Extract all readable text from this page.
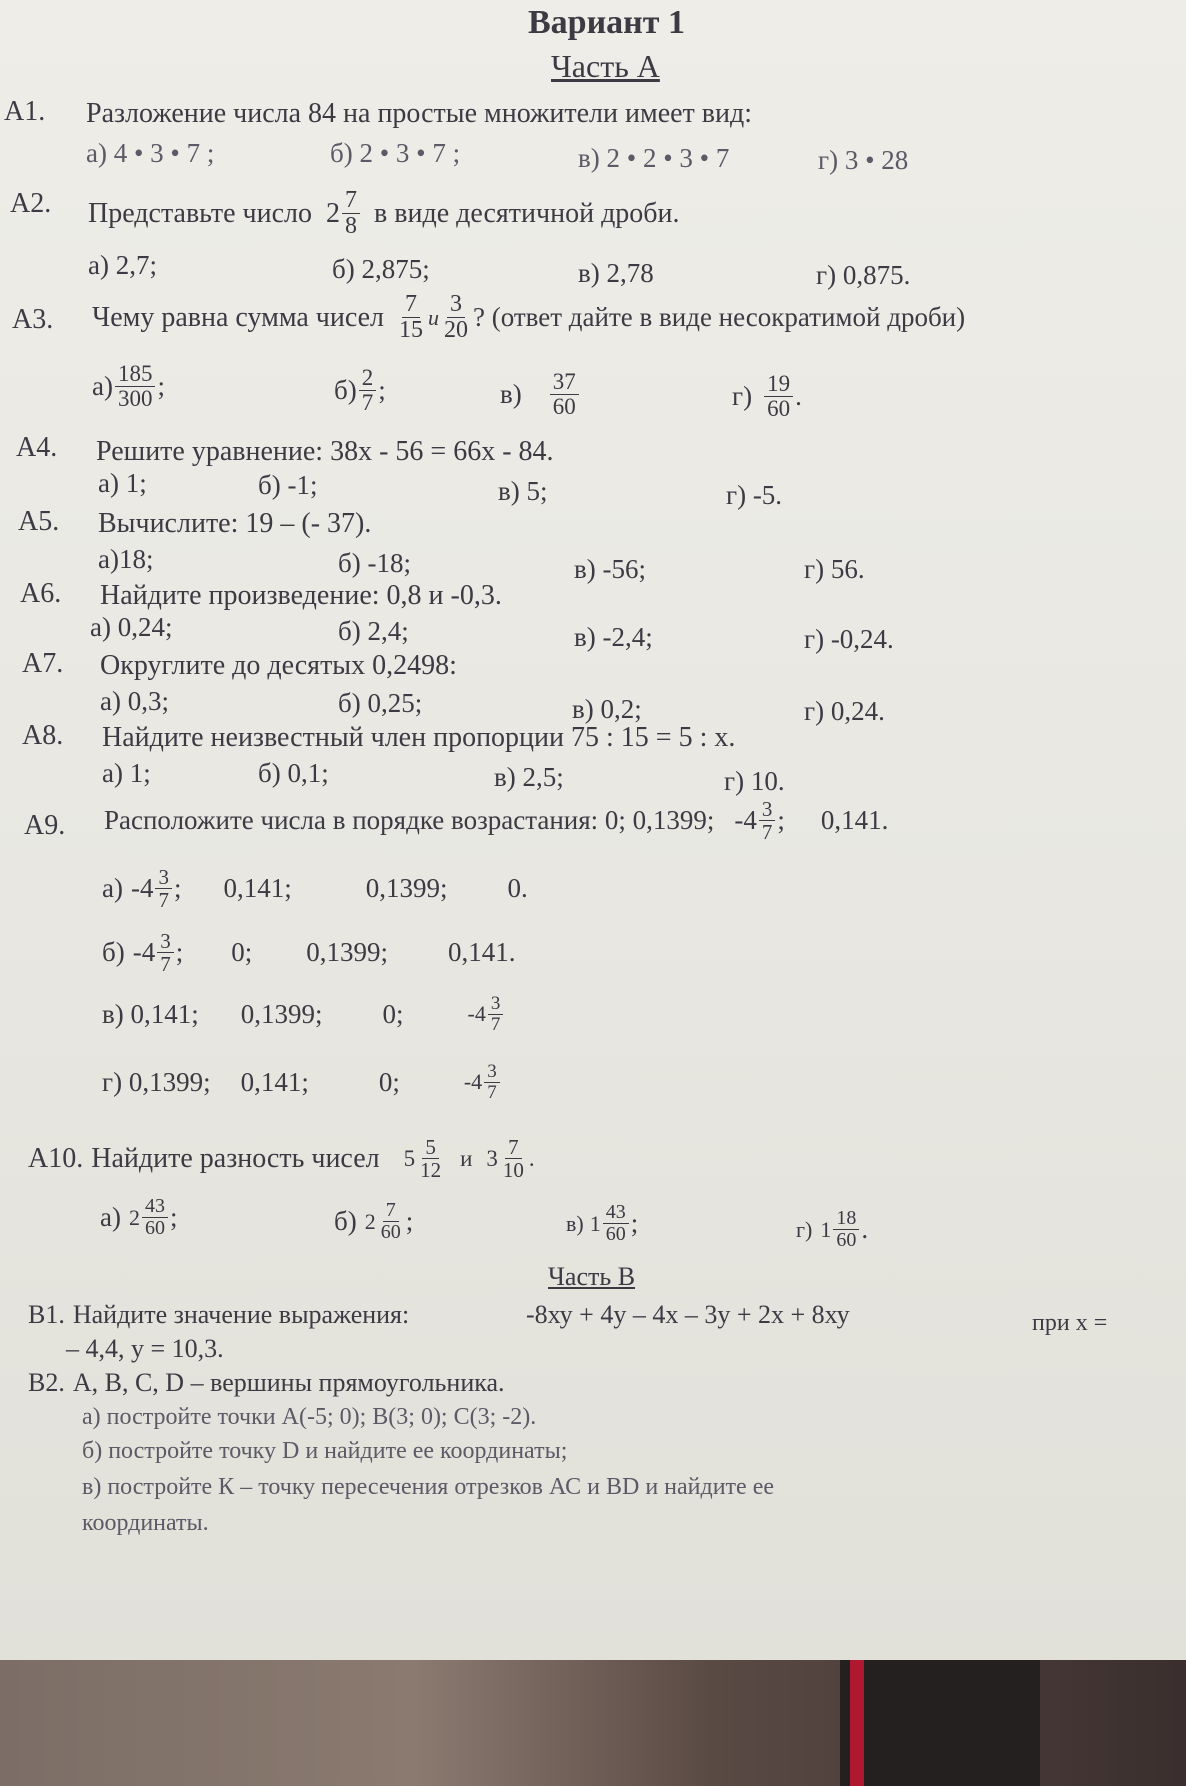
Вариант 1
Часть А
А1. Разложение числа 84 на простые множители имеет вид:
а) 4 • 3 • 7 ;	б) 2 • 3 • 7 ;	в) 2 • 2 • 3 • 7	г) 3 • 28
А2. Представьте число $2 \frac{7}{8}$ в виде десятичной дроби.
а) 2,7;	б) 2,875;	в) 2,78	г) 0,875.
А3. Чему равна сумма чисел $\frac{7}{15}$ и $\frac{3}{20}$ ? (ответ дайте в виде несократимой дроби)
$а) \frac{185}{300}$ ;	$б) \frac{2}{7}$ ;	$в) \frac{37}{60}$	$г) \frac{19}{60}$ .
А4. Решите уравнение: 38х - 56 = 66х - 84.
а) 1;	б) -1;	в) 5;	г) -5.
А5. Вычислите: 19 – (- 37).
а)18;	б) -18;	в) -56;	г) 56.
А6. Найдите произведение: 0,8 и -0,3.
а) 0,24;	б) 2,4;	в) -2,4;	г) -0,24.
А7. Округлите до десятых 0,2498:
а) 0,3;	б) 0,25;	в) 0,2;	г) 0,24.
А8. Найдите неизвестный член пропорции 75 : 15 = 5 : х.
а) 1;	б) 0,1;	в) 2,5;	г) 10.
А9. Расположите числа в порядке возрастания: 0; 0,1399; $-4 \frac{3}{7}$ ; 0,141.
а) $-4 \frac{3}{7}$ ; 0,141;	0,1399; 0.
б) $-4 \frac{3}{7}$ ; 0; 0,1399; 0,141.
в) 0,141; 0,1399; 0;	$-4 \frac{3}{7}$
г) 0,1399; 0,141;	0;	$-4 \frac{3}{7}$
А10. Найдите разность чисел $5 \frac{5}{12}$ и $3 \frac{7}{10}$ .
а) $2 \frac{43}{60}$ ;	б) $2 \frac{7}{60}$ ;	в) $1 \frac{43}{60}$ ;	г) $1 \frac{18}{60}$ .
Часть В
В1. Найдите значение выражения:	-8ху + 4у – 4х – 3у + 2х + 8ху	при х =
– 4,4, у = 10,3.
В2. А, В, С, D – вершины прямоугольника.
а) постройте точки А(-5; 0); В(3; 0); С(3; -2).
б) постройте точку D и найдите ее координаты;
в) постройте К – точку пересечения отрезков АС и BD и найдите ее
координаты.
